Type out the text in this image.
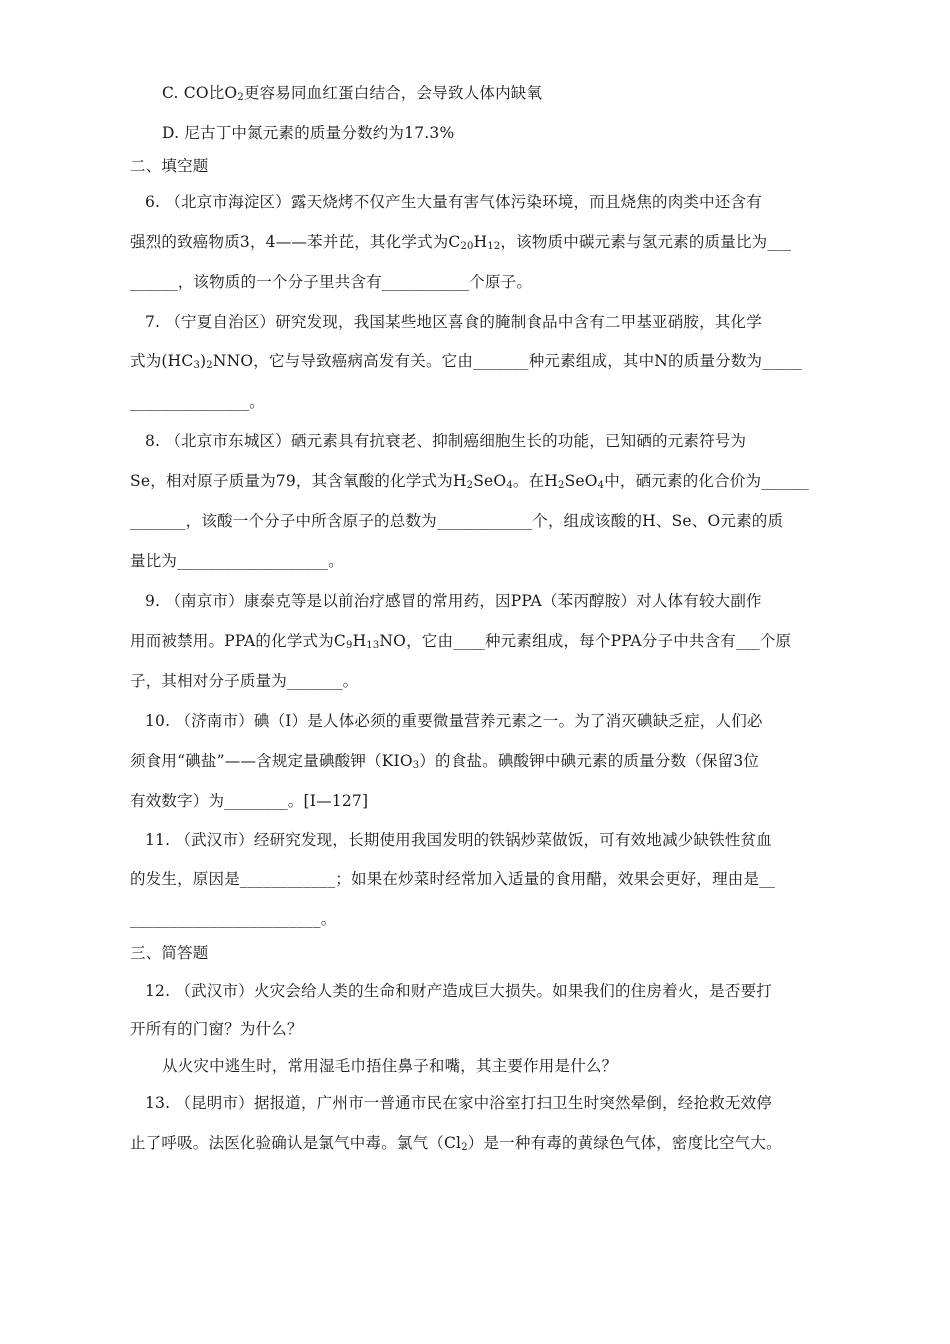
C. CO比$O_2$更容易同血红蛋白结合，会导致人体内缺氧
D. 尼古丁中氮元素的质量分数约为17.3%
二、填空题
6. （北京市海淀区）露天烧烤不仅产生大量有害气体污染环境，而且烧焦的肉类中还含有
强烈的致癌物质3，4——苯并芘，其化学式为$C_{20}H_{12}$，该物质中碳元素与氢元素的质量比为___
______，该物质的一个分子里共含有___________个原子。
7. （宁夏自治区）研究发现，我国某些地区喜食的腌制食品中含有二甲基亚硝胺，其化学
式为$(HC_3)_2NNO$，它与导致癌病高发有关。它由_______种元素组成，其中N的质量分数为_____
_______________。
8. （北京市东城区）硒元素具有抗衰老、抑制癌细胞生长的功能，已知硒的元素符号为
Se，相对原子质量为79，其含氧酸的化学式为$H_2SeO_4$。在$H_2SeO_4$中，硒元素的化合价为______
_______，该酸一个分子中所含原子的总数为____________个，组成该酸的H、Se、O元素的质
量比为___________________。
9. （南京市）康泰克等是以前治疗感冒的常用药，因PPA（苯丙醇胺）对人体有较大副作
用而被禁用。PPA的化学式为$C_9H_{13}NO$，它由____种元素组成，每个PPA分子中共含有___个原
子，其相对分子质量为_______。
10. （济南市）碘（I）是人体必须的重要微量营养元素之一。为了消灭碘缺乏症，人们必
须食用“碘盐”——含规定量碘酸钾$(KIO_3)$的食盐。碘酸钾中碘元素的质量分数（保留3位
有效数字）为________。[I—127]
11. （武汉市）经研究发现，长期使用我国发明的铁锅炒菜做饭，可有效地减少缺铁性贫血
的发生，原因是____________；如果在炒菜时经常加入适量的食用醋，效果会更好，理由是__
________________________。
三、简答题
12. （武汉市）火灾会给人类的生命和财产造成巨大损失。如果我们的住房着火，是否要打
开所有的门窗？为什么？
从火灾中逃生时，常用湿毛巾捂住鼻子和嘴，其主要作用是什么？
13. （昆明市）据报道，广州市一普通市民在家中浴室打扫卫生时突然晕倒，经抢救无效停
止了呼吸。法医化验确认是氯气中毒。氯气$(Cl_2)$是一种有毒的黄绿色气体，密度比空气大。
